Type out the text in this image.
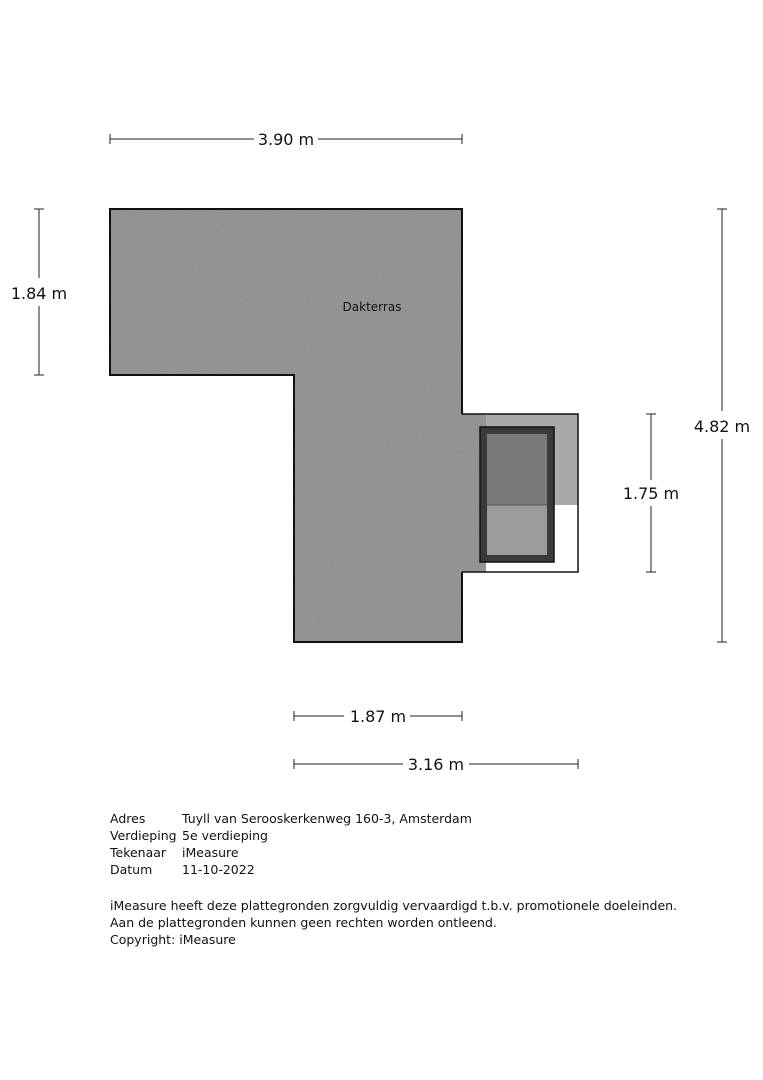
Dakterras
3.90 m
1.84 m
4.82 m
1.75 m
1.87 m
3.16 m
Adres	Tuyll van Serooskerkenweg 160-3, Amsterdam
Verdieping	5e verdieping
Tekenaar	iMeasure
Datum	11-10-2022
iMeasure heeft deze plattegronden zorgvuldig vervaardigd t.b.v. promotionele doeleinden.
Aan de plattegronden kunnen geen rechten worden ontleend.
Copyright: iMeasure
